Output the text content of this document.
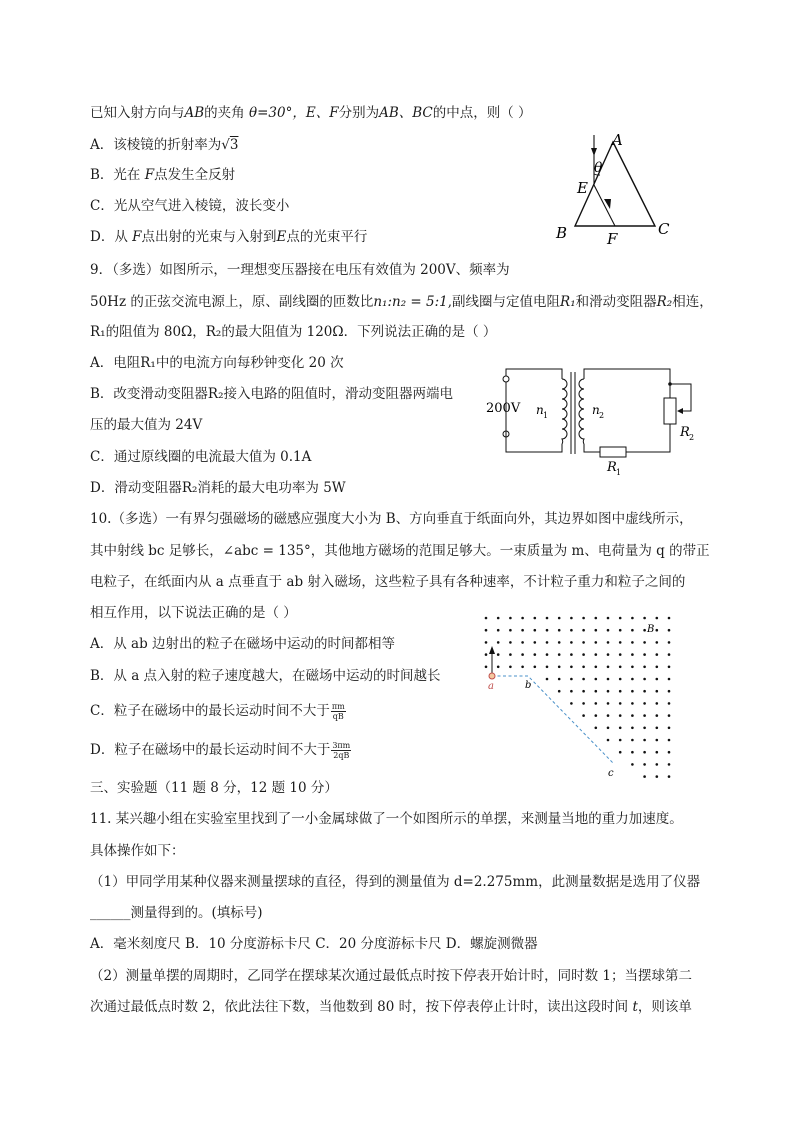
已知入射方向与AB的夹角 θ=30°，E、F分别为AB、BC的中点，则（ ）
A．该棱镜的折射率为√3
B．光在 F点发生全反射
C．光从空气进入棱镜，波长变小
D．从 F点出射的光束与入射到E点的光束平行
A
θ
E
B	F
C
9．（多选）如图所示，一理想变压器接在电压有效值为 200V、频率为
50Hz 的正弦交流电源上，原、副线圈的匝数比n₁:n₂ = 5:1,副线圈与定值电阻R₁和滑动变阻器R₂相连，
R₁的阻值为 80Ω，R₂的最大阻值为 120Ω．下列说法正确的是（ ）
A．电阻R₁中的电流方向每秒钟变化 20 次
B．改变滑动变阻器R₂接入电路的阻值时，滑动变阻器两端电
压的最大值为 24V
C．通过原线圈的电流最大值为 0.1A
D．滑动变阻器R₂消耗的最大电功率为 5W
200V n 1	n 2
R 2
R 1
10.（多选）一有界匀强磁场的磁感应强度大小为 B、方向垂直于纸面向外，其边界如图中虚线所示，
其中射线 bc 足够长，∠abc = 135°，其他地方磁场的范围足够大。一束质量为 m、电荷量为 q 的带正
电粒子，在纸面内从 a 点垂直于 ab 射入磁场，这些粒子具有各种速率，不计粒子重力和粒子之间的
相互作用，以下说法正确的是（ ）
A．从 ab 边射出的粒子在磁场中运动的时间都相等
B．从 a 点入射的粒子速度越大，在磁场中运动的时间越长
C．粒子在磁场中的最长运动时间不大于 $\frac{\pi m}{qB}$
D．粒子在磁场中的最长运动时间不大于 $\frac{3\pi m}{2qB}$
a	b
c
B
三、实验题（11 题 8 分，12 题 10 分）
11. 某兴趣小组在实验室里找到了一小金属球做了一个如图所示的单摆，来测量当地的重力加速度。
具体操作如下：
（1）甲同学用某种仪器来测量摆球的直径，得到的测量值为 d=2.275mm，此测量数据是选用了仪器
______测量得到的。(填标号)
A．毫米刻度尺 B．10 分度游标卡尺 C．20 分度游标卡尺 D．螺旋测微器
（2）测量单摆的周期时，乙同学在摆球某次通过最低点时按下停表开始计时，同时数 1；当摆球第二
次通过最低点时数 2，依此法往下数，当他数到 80 时，按下停表停止计时，读出这段时间 t，则该单
